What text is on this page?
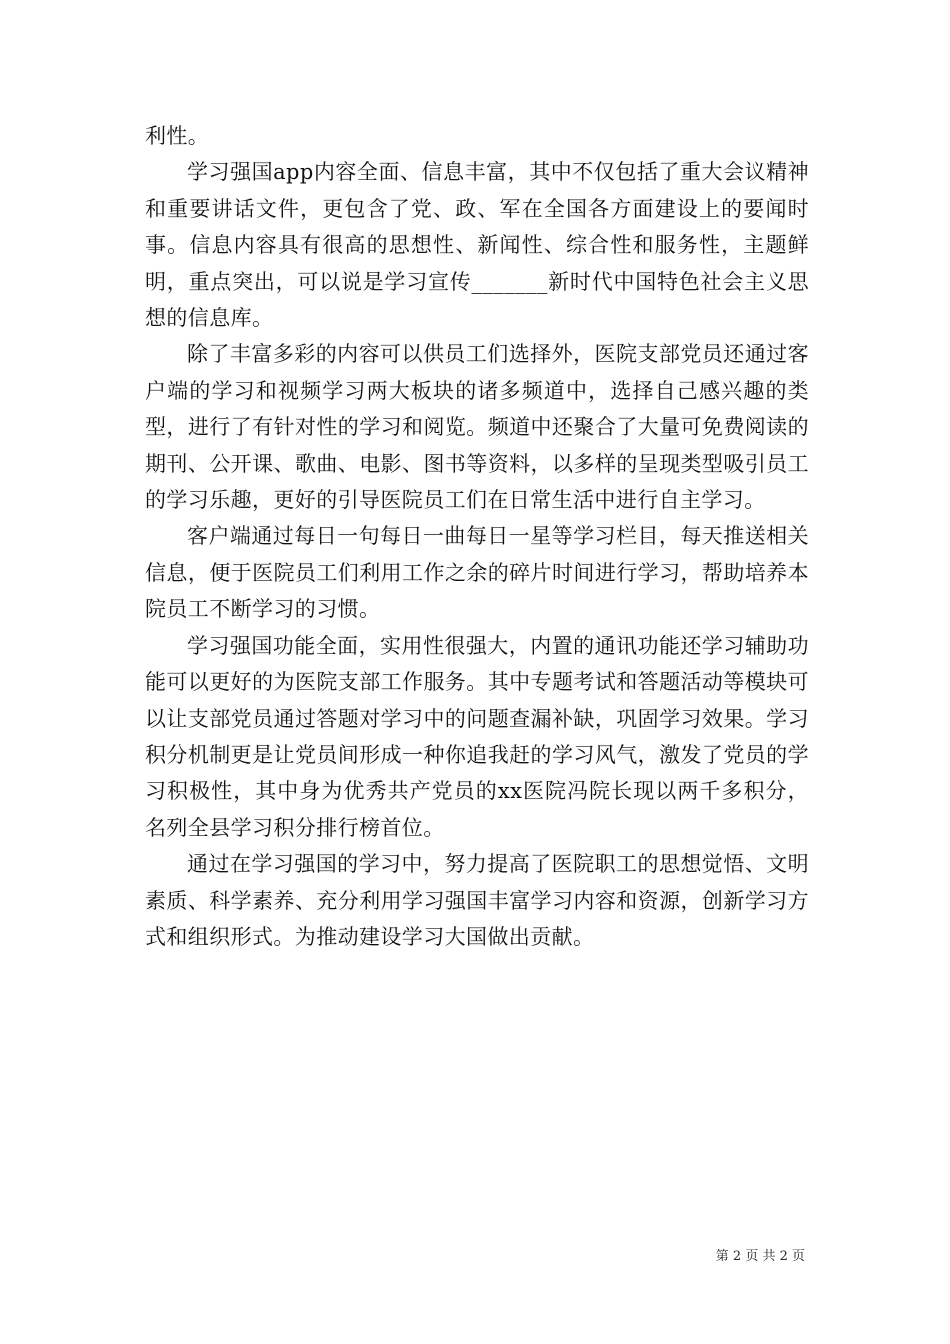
利性。

学习强国app内容全面、信息丰富，其中不仅包括了重大会议精神和重要讲话文件，更包含了党、政、军在全国各方面建设上的要闻时事。信息内容具有很高的思想性、新闻性、综合性和服务性，主题鲜明，重点突出，可以说是学习宣传_______新时代中国特色社会主义思想的信息库。

除了丰富多彩的内容可以供员工们选择外，医院支部党员还通过客户端的学习和视频学习两大板块的诸多频道中，选择自己感兴趣的类型，进行了有针对性的学习和阅览。频道中还聚合了大量可免费阅读的期刊、公开课、歌曲、电影、图书等资料，以多样的呈现类型吸引员工的学习乐趣，更好的引导医院员工们在日常生活中进行自主学习。

客户端通过每日一句每日一曲每日一星等学习栏目，每天推送相关信息，便于医院员工们利用工作之余的碎片时间进行学习，帮助培养本院员工不断学习的习惯。

学习强国功能全面，实用性很强大，内置的通讯功能还学习辅助功能可以更好的为医院支部工作服务。其中专题考试和答题活动等模块可以让支部党员通过答题对学习中的问题查漏补缺，巩固学习效果。学习积分机制更是让党员间形成一种你追我赶的学习风气，激发了党员的学习积极性，其中身为优秀共产党员的xx医院冯院长现以两千多积分，名列全县学习积分排行榜首位。

通过在学习强国的学习中，努力提高了医院职工的思想觉悟、文明素质、科学素养、充分利用学习强国丰富学习内容和资源，创新学习方式和组织形式。为推动建设学习大国做出贡献。

第 2 页 共 2 页
